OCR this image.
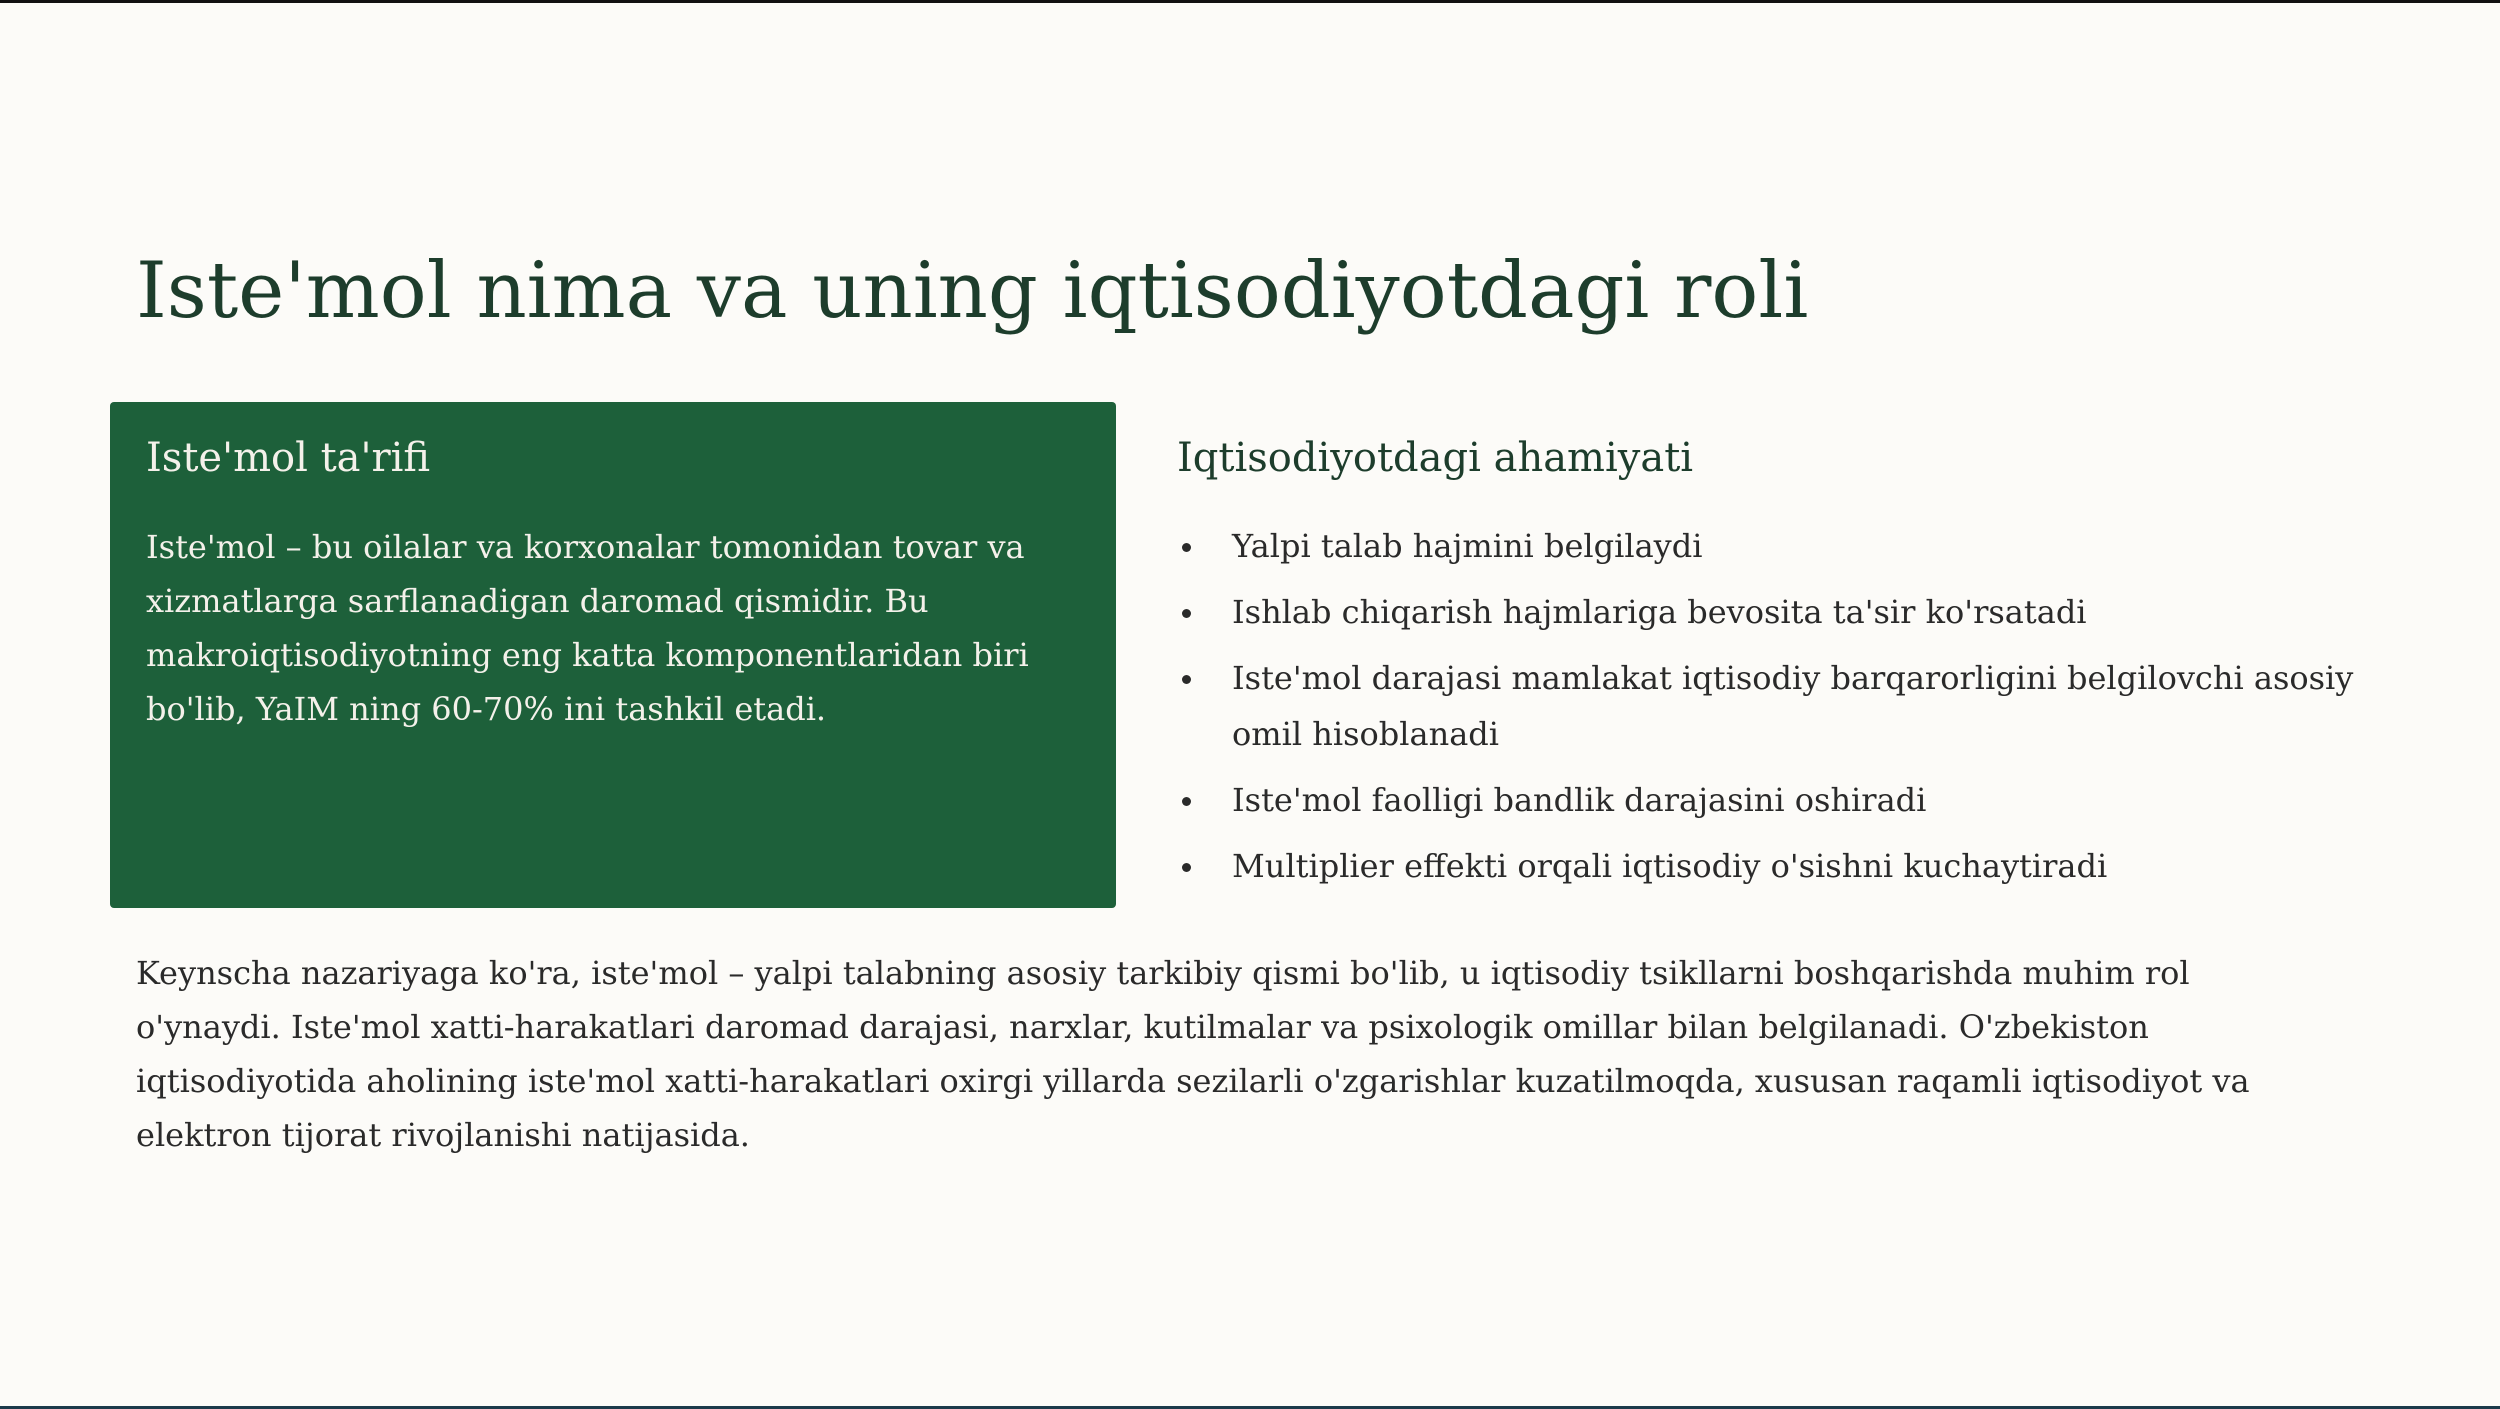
Iste'mol nima va uning iqtisodiyotdagi roli
Iste'mol ta'rifi

Iste'mol – bu oilalar va korxonalar tomonidan tovar va xizmatlarga sarflanadigan daromad qismidir. Bu makroiqtisodiyotning eng katta komponentlaridan biri bo'lib, YaIM ning 60-70% ini tashkil etadi.

Iqtisodiyotdagi ahamiyati
Yalpi talab hajmini belgilaydi
Ishlab chiqarish hajmlariga bevosita ta'sir ko'rsatadi
Iste'mol darajasi mamlakat iqtisodiy barqarorligini belgilovchi asosiy omil hisoblanadi
Iste'mol faolligi bandlik darajasini oshiradi
Multiplier effekti orqali iqtisodiy o'sishni kuchaytiradi

Keynscha nazariyaga ko'ra, iste'mol – yalpi talabning asosiy tarkibiy qismi bo'lib, u iqtisodiy tsikllarni boshqarishda muhim rol o'ynaydi. Iste'mol xatti-harakatlari daromad darajasi, narxlar, kutilmalar va psixologik omillar bilan belgilanadi. O'zbekiston iqtisodiyotida aholining iste'mol xatti-harakatlari oxirgi yillarda sezilarli o'zgarishlar kuzatilmoqda, xususan raqamli iqtisodiyot va elektron tijorat rivojlanishi natijasida.
